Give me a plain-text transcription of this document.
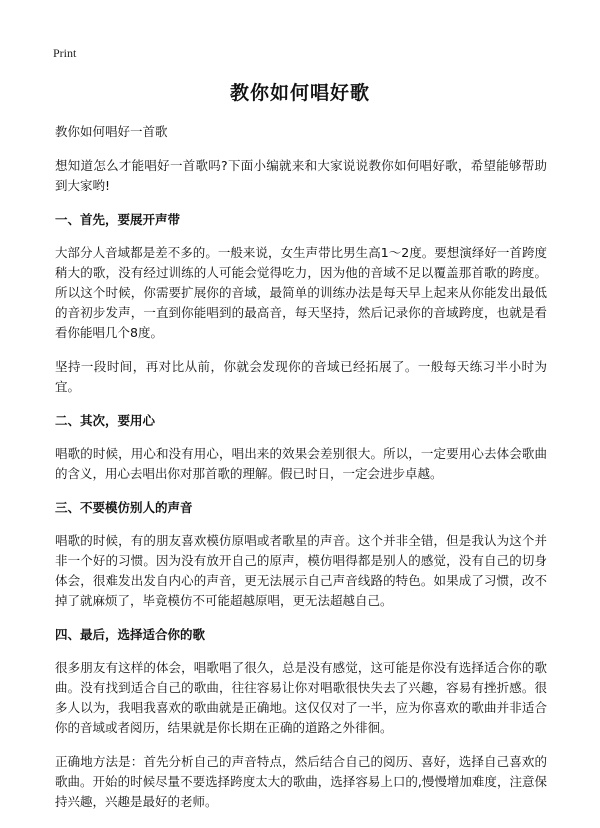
Print
教你如何唱好歌

教你如何唱好一首歌

想知道怎么才能唱好一首歌吗?下面小编就来和大家说说教你如何唱好歌，希望能够帮助到大家哟!

一、首先，要展开声带

大部分人音域都是差不多的。一般来说，女生声带比男生高1～2度。要想演绎好一首跨度稍大的歌，没有经过训练的人可能会觉得吃力，因为他的音域不足以覆盖那首歌的跨度。所以这个时候，你需要扩展你的音域，最简单的训练办法是每天早上起来从你能发出最低的音初步发声，一直到你能唱到的最高音，每天坚持，然后记录你的音域跨度，也就是看看你能唱几个8度。

坚持一段时间，再对比从前，你就会发现你的音域已经拓展了。一般每天练习半小时为宜。

二、其次，要用心

唱歌的时候，用心和没有用心，唱出来的效果会差别很大。所以，一定要用心去体会歌曲的含义，用心去唱出你对那首歌的理解。假已时日，一定会进步卓越。

三、不要模仿别人的声音

唱歌的时候，有的朋友喜欢模仿原唱或者歌星的声音。这个并非全错，但是我认为这个并非一个好的习惯。因为没有放开自己的原声，模仿唱得都是别人的感觉，没有自己的切身体会，很难发出发自内心的声音，更无法展示自己声音线路的特色。如果成了习惯，改不掉了就麻烦了，毕竟模仿不可能超越原唱，更无法超越自己。

四、最后，选择适合你的歌

很多朋友有这样的体会，唱歌唱了很久，总是没有感觉，这可能是你没有选择适合你的歌曲。没有找到适合自己的歌曲，往往容易让你对唱歌很快失去了兴趣，容易有挫折感。很多人以为，我唱我喜欢的歌曲就是正确地。这仅仅对了一半，应为你喜欢的歌曲并非适合你的音域或者阅历，结果就是你长期在正确的道路之外徘徊。

正确地方法是：首先分析自己的声音特点，然后结合自己的阅历、喜好，选择自己喜欢的歌曲。开始的时候尽量不要选择跨度太大的歌曲，选择容易上口的,慢慢增加难度，注意保持兴趣，兴趣是最好的老师。
